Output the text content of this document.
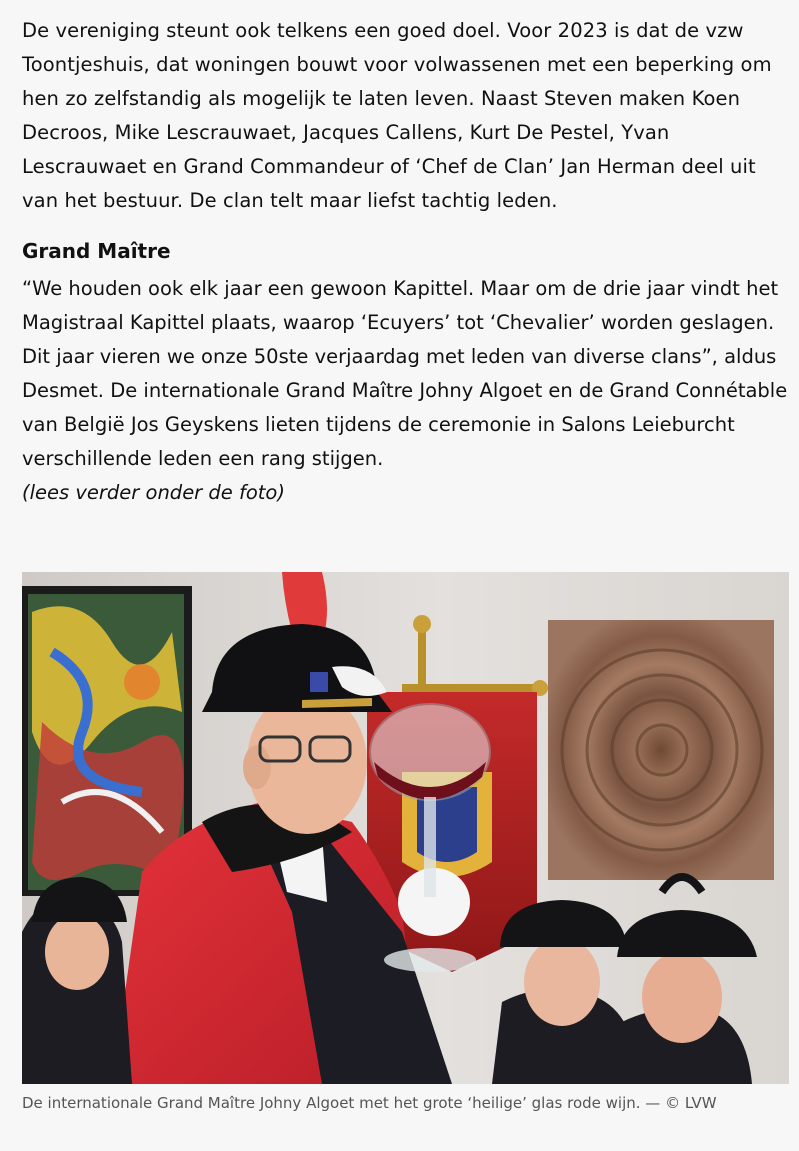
De vereniging steunt ook telkens een goed doel. Voor 2023 is dat de vzw Toontjeshuis, dat woningen bouwt voor volwassenen met een beperking om hen zo zelfstandig als mogelijk te laten leven. Naast Steven maken Koen Decroos, Mike Lescrauwaet, Jacques Callens, Kurt De Pestel, Yvan Lescrauwaet en Grand Commandeur of ‘Chef de Clan’ Jan Herman deel uit van het bestuur. De clan telt maar liefst tachtig leden.

Grand Maître

“We houden ook elk jaar een gewoon Kapittel. Maar om de drie jaar vindt het Magistraal Kapittel plaats, waarop ‘Ecuyers’ tot ‘Chevalier’ worden geslagen. Dit jaar vieren we onze 50ste verjaardag met leden van diverse clans”, aldus Desmet. De internationale Grand Maître Johny Algoet en de Grand Connétable van België Jos Geyskens lieten tijdens de ceremonie in Salons Leieburcht verschillende leden een rang stijgen.
(lees verder onder de foto)

De internationale Grand Maître Johny Algoet met het grote ‘heilige’ glas rode wijn. — © LVW
